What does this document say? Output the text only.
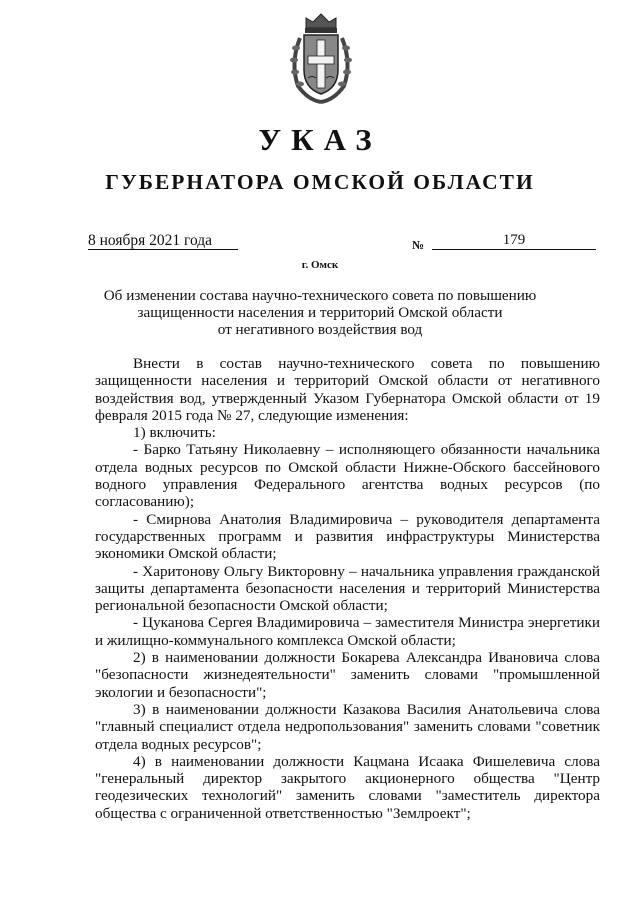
УКАЗ
ГУБЕРНАТОРА ОМСКОЙ ОБЛАСТИ
8 ноября 2021 года	№	179
г. Омск
Об изменении состава научно-технического совета по повышению
защищенности населения и территорий Омской области
от негативного воздействия вод

Внести в состав научно-технического совета по повышению защищенности населения и территорий Омской области от негативного воздействия вод, утвержденный Указом Губернатора Омской области от 19 февраля 2015 года № 27, следующие изменения:

1) включить:

- Барко Татьяну Николаевну – исполняющего обязанности начальника отдела водных ресурсов по Омской области Нижне-Обского бассейнового водного управления Федерального агентства водных ресурсов (по согласованию);

- Смирнова Анатолия Владимировича – руководителя департамента государственных программ и развития инфраструктуры Министерства экономики Омской области;

- Харитонову Ольгу Викторовну – начальника управления гражданской защиты департамента безопасности населения и территорий Министерства региональной безопасности Омской области;

- Цуканова Сергея Владимировича – заместителя Министра энергетики и жилищно-коммунального комплекса Омской области;

2) в наименовании должности Бокарева Александра Ивановича слова "безопасности жизнедеятельности" заменить словами "промышленной экологии и безопасности";

3) в наименовании должности Казакова Василия Анатольевича слова "главный специалист отдела недропользования" заменить словами "советник отдела водных ресурсов";

4) в наименовании должности Кацмана Исаака Фишелевича слова "генеральный директор закрытого акционерного общества "Центр геодезических технологий" заменить словами "заместитель директора общества с ограниченной ответственностью "Землроект";
